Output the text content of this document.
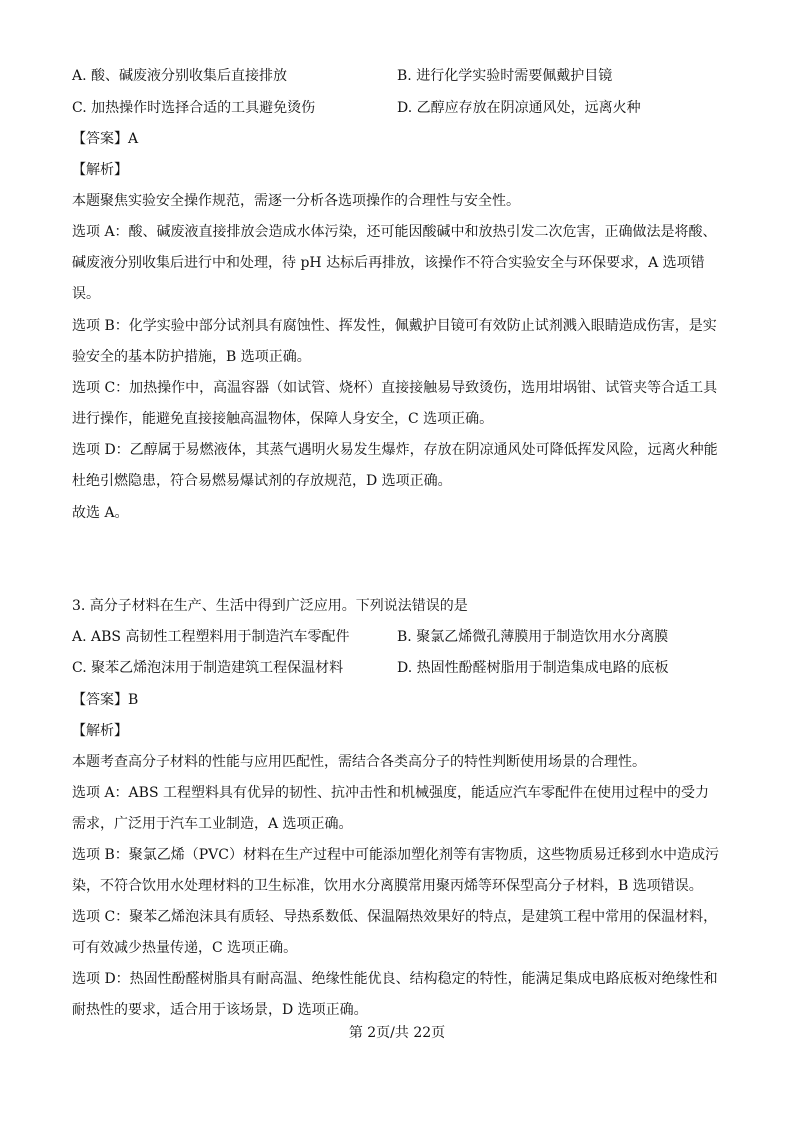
A. 酸、碱废液分别收集后直接排放	B. 进行化学实验时需要佩戴护目镜
C. 加热操作时选择合适的工具避免烫伤	D. 乙醇应存放在阴凉通风处，远离火种
【答案】A
【解析】
本题聚焦实验安全操作规范，需逐一分析各选项操作的合理性与安全性。
选项 A：酸、碱废液直接排放会造成水体污染，还可能因酸碱中和放热引发二次危害，正确做法是将酸、碱废液分别收集后进行中和处理，待 pH 达标后再排放，该操作不符合实验安全与环保要求，A 选项错误。
选项 B：化学实验中部分试剂具有腐蚀性、挥发性，佩戴护目镜可有效防止试剂溅入眼睛造成伤害，是实验安全的基本防护措施，B 选项正确。
选项 C：加热操作中，高温容器（如试管、烧杯）直接接触易导致烫伤，选用坩埚钳、试管夹等合适工具进行操作，能避免直接接触高温物体，保障人身安全，C 选项正确。
选项 D：乙醇属于易燃液体，其蒸气遇明火易发生爆炸，存放在阴凉通风处可降低挥发风险，远离火种能杜绝引燃隐患，符合易燃易爆试剂的存放规范，D 选项正确。
故选 A。
3. 高分子材料在生产、生活中得到广泛应用。下列说法错误的是
A. ABS 高韧性工程塑料用于制造汽车零配件	B. 聚氯乙烯微孔薄膜用于制造饮用水分离膜
C. 聚苯乙烯泡沫用于制造建筑工程保温材料	D. 热固性酚醛树脂用于制造集成电路的底板
【答案】B
【解析】
本题考查高分子材料的性能与应用匹配性，需结合各类高分子的特性判断使用场景的合理性。
选项 A：ABS 工程塑料具有优异的韧性、抗冲击性和机械强度，能适应汽车零配件在使用过程中的受力需求，广泛用于汽车工业制造，A 选项正确。
选项 B：聚氯乙烯（PVC）材料在生产过程中可能添加塑化剂等有害物质，这些物质易迁移到水中造成污染，不符合饮用水处理材料的卫生标准，饮用水分离膜常用聚丙烯等环保型高分子材料，B 选项错误。
选项 C：聚苯乙烯泡沫具有质轻、导热系数低、保温隔热效果好的特点，是建筑工程中常用的保温材料，可有效减少热量传递，C 选项正确。
选项 D：热固性酚醛树脂具有耐高温、绝缘性能优良、结构稳定的特性，能满足集成电路底板对绝缘性和耐热性的要求，适合用于该场景，D 选项正确。
第 2页/共 22页
